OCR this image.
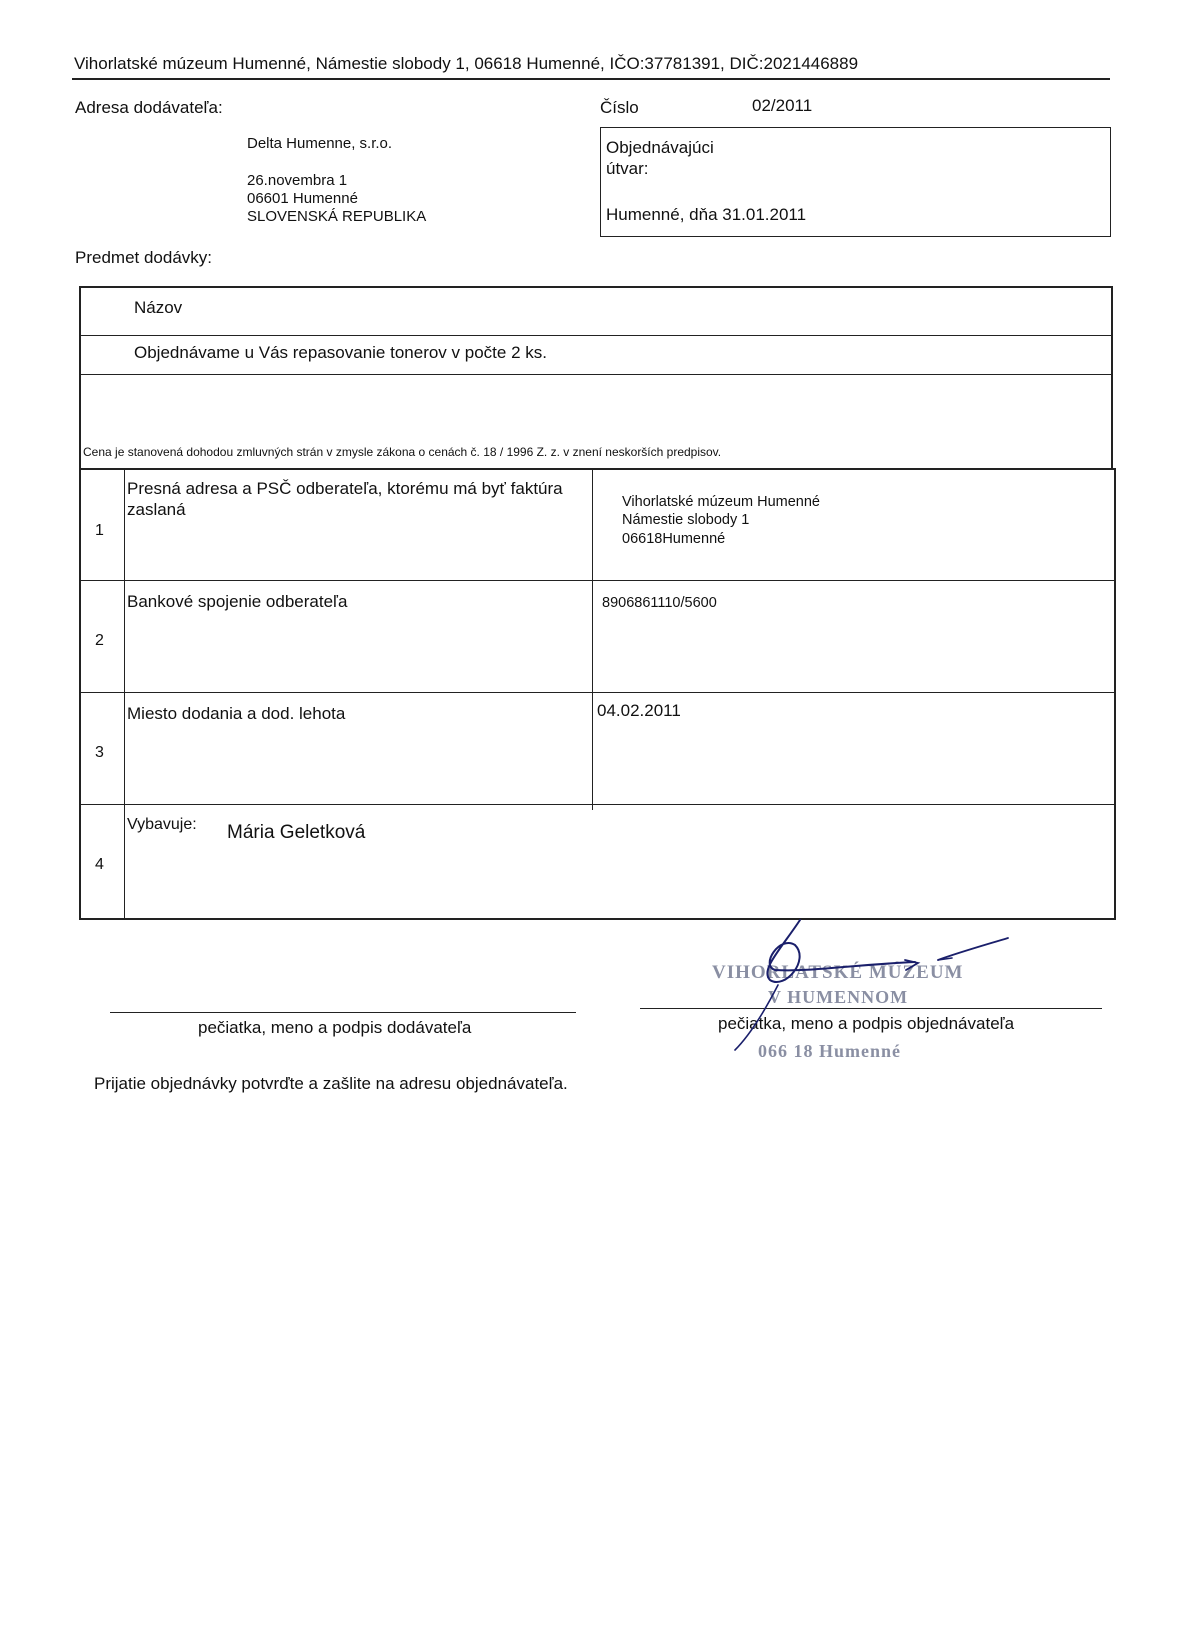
Vihorlatské múzeum Humenné, Námestie slobody 1, 06618 Humenné, IČO:37781391, DIČ:2021446889
Adresa dodávateľa:
Delta Humenne, s.r.o.
26.novembra 1
06601 Humenné
SLOVENSKÁ REPUBLIKA
Číslo	02/2011
Objednávajúci
útvar:
Humenné, dňa 31.01.2011
Predmet dodávky:
Názov
Objednávame u Vás repasovanie tonerov v počte 2 ks.
Cena je stanovená dohodou zmluvných strán v zmysle zákona o cenách č. 18 / 1996 Z. z. v znení neskorších predpisov.
1
Presná adresa a PSČ odberateľa, ktorému má byť faktúra zaslaná	Vihorlatské múzeum Humenné
Námestie slobody 1
06618Humenné
2
Bankové spojenie odberateľa	8906861110/5600
3
Miesto dodania a dod. lehota	04.02.2011
4
Vybavuje: Mária Geletková
pečiatka, meno a podpis dodávateľa
VIHORLATSKÉ MÚZEUM
V HUMENNOM
066 18 Humenné
pečiatka, meno a podpis objednávateľa
Prijatie objednávky potvrďte a zašlite na adresu objednávateľa.
